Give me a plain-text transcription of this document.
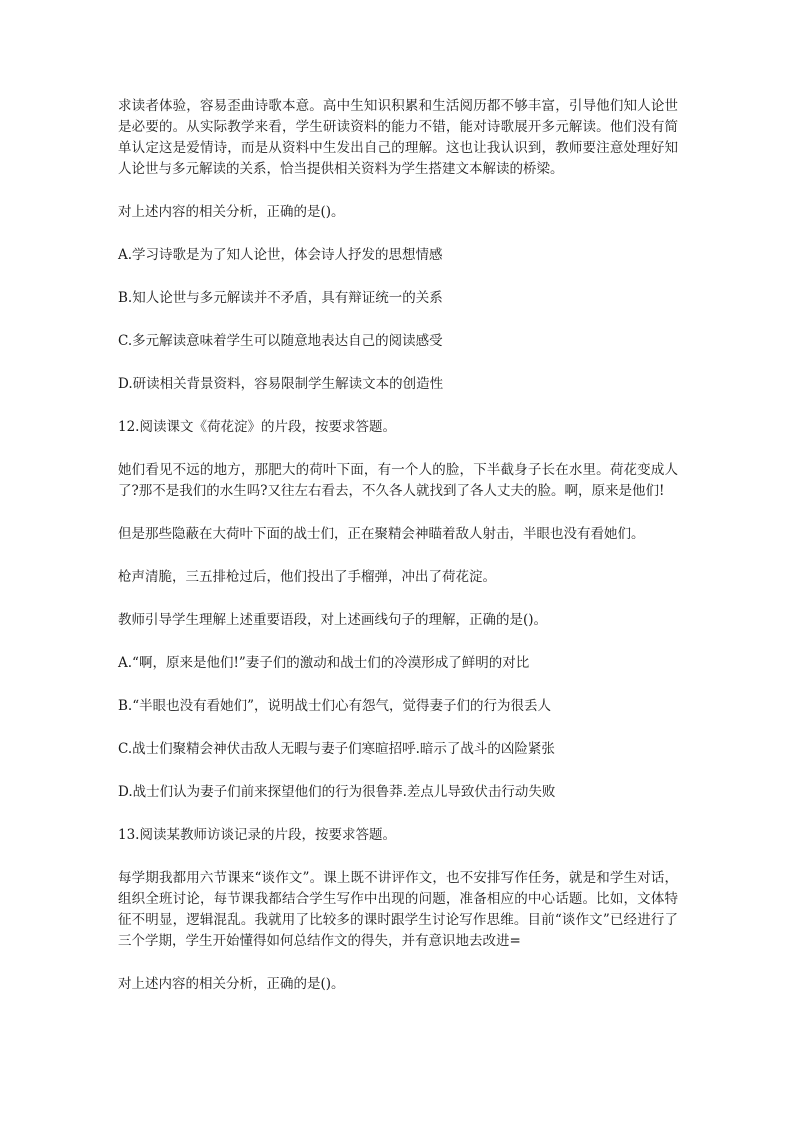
求读者体验，容易歪曲诗歌本意。高中生知识积累和生活阅历都不够丰富，引导他们知人论世是必要的。从实际教学来看，学生研读资料的能力不错，能对诗歌展开多元解读。他们没有简单认定这是爱情诗，而是从资料中生发出自己的理解。这也让我认识到，教师要注意处理好知人论世与多元解读的关系，恰当提供相关资料为学生搭建文本解读的桥梁。

对上述内容的相关分析，正确的是()。

A.学习诗歌是为了知人论世，体会诗人抒发的思想情感

B.知人论世与多元解读并不矛盾，具有辩证统一的关系

C.多元解读意味着学生可以随意地表达自己的阅读感受

D.研读相关背景资料，容易限制学生解读文本的创造性

12.阅读课文《荷花淀》的片段，按要求答题。

她们看见不远的地方，那肥大的荷叶下面，有一个人的脸，下半截身子长在水里。荷花变成人了?那不是我们的水生吗?又往左右看去，不久各人就找到了各人丈夫的脸。啊，原来是他们!

但是那些隐蔽在大荷叶下面的战士们，正在聚精会神瞄着敌人射击，半眼也没有看她们。

枪声清脆，三五排枪过后，他们投出了手榴弹，冲出了荷花淀。

教师引导学生理解上述重要语段，对上述画线句子的理解，正确的是()。

A.“啊，原来是他们!”妻子们的激动和战士们的冷漠形成了鲜明的对比

B.“半眼也没有看她们”，说明战士们心有怨气，觉得妻子们的行为很丢人

C.战士们聚精会神伏击敌人无暇与妻子们寒暄招呼.暗示了战斗的凶险紧张

D.战士们认为妻子们前来探望他们的行为很鲁莽.差点儿导致伏击行动失败

13.阅读某教师访谈记录的片段，按要求答题。

每学期我都用六节课来“谈作文”。课上既不讲评作文，也不安排写作任务，就是和学生对话，组织全班讨论，每节课我都结合学生写作中出现的问题，准备相应的中心话题。比如，文体特征不明显，逻辑混乱。我就用了比较多的课时跟学生讨论写作思维。目前“谈作文”已经进行了三个学期，学生开始懂得如何总结作文的得失，并有意识地去改进=

对上述内容的相关分析，正确的是()。
